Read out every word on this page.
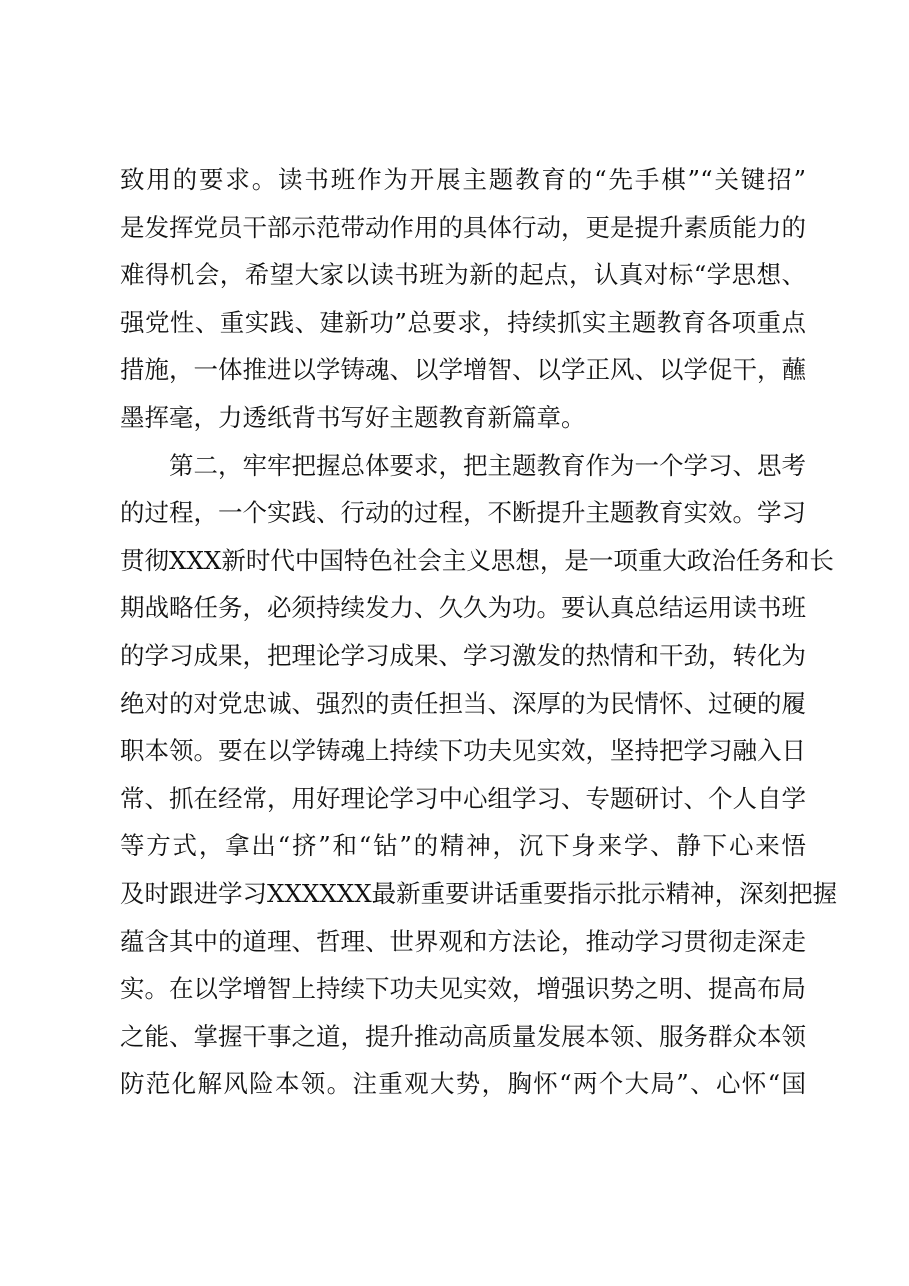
致用的要求。读书班作为开展主题教育的“先手棋”“关键招”
是发挥党员干部示范带动作用的具体行动，更是提升素质能力的
难得机会，希望大家以读书班为新的起点，认真对标“学思想、
强党性、重实践、建新功”总要求，持续抓实主题教育各项重点
措施，一体推进以学铸魂、以学增智、以学正风、以学促干，蘸
墨挥毫，力透纸背书写好主题教育新篇章。
第二，牢牢把握总体要求，把主题教育作为一个学习、思考
的过程，一个实践、行动的过程，不断提升主题教育实效。学习
贯彻XXX新时代中国特色社会主义思想，是一项重大政治任务和长
期战略任务，必须持续发力、久久为功。要认真总结运用读书班
的学习成果，把理论学习成果、学习激发的热情和干劲，转化为
绝对的对党忠诚、强烈的责任担当、深厚的为民情怀、过硬的履
职本领。要在以学铸魂上持续下功夫见实效，坚持把学习融入日
常、抓在经常，用好理论学习中心组学习、专题研讨、个人自学
等方式，拿出“挤”和“钻”的精神，沉下身来学、静下心来悟
及时跟进学习XXXXXX最新重要讲话重要指示批示精神，深刻把握
蕴含其中的道理、哲理、世界观和方法论，推动学习贯彻走深走
实。在以学增智上持续下功夫见实效，增强识势之明、提高布局
之能、掌握干事之道，提升推动高质量发展本领、服务群众本领
防范化解风险本领。注重观大势，胸怀“两个大局”、心怀“国
